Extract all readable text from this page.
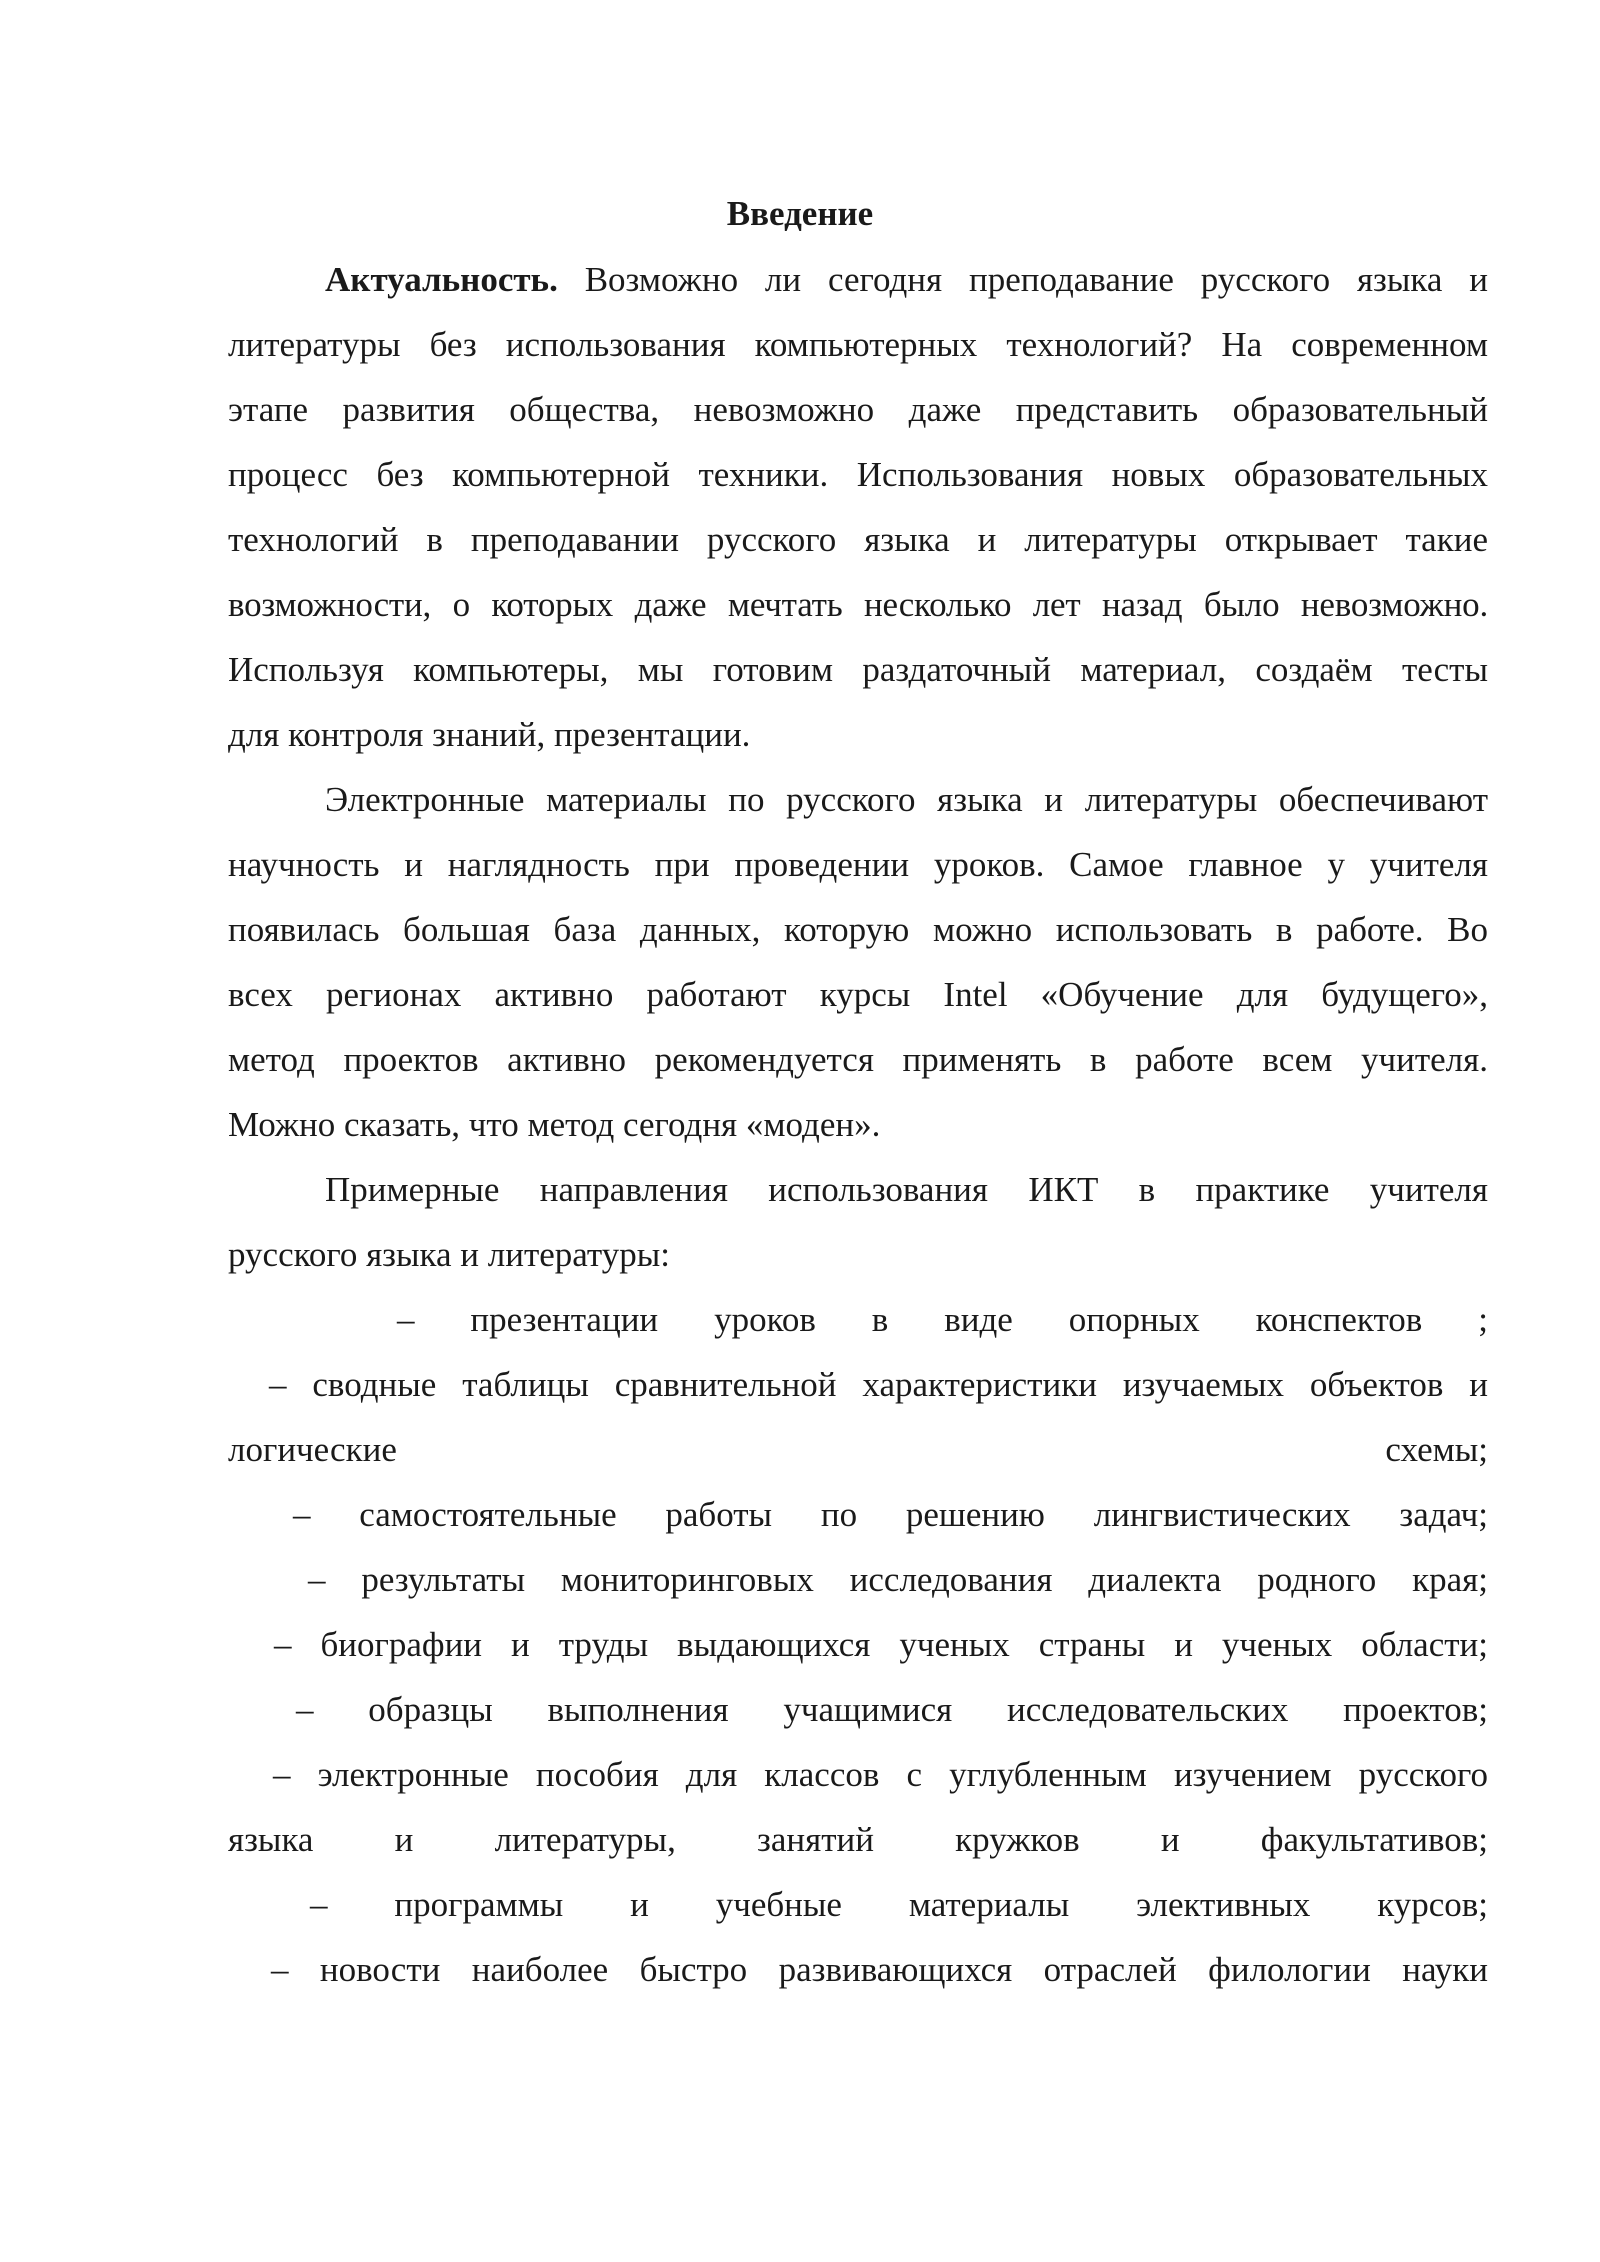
Введение
Актуальность. Возможно ли сегодня преподавание русского языка и
литературы без использования компьютерных технологий? На современном
этапе развития общества, невозможно даже представить образовательный
процесс без компьютерной техники. Использования новых образовательных
технологий в преподавании русского языка и литературы открывает такие
возможности, о которых даже мечтать несколько лет назад было невозможно.
Используя компьютеры, мы готовим раздаточный материал, создаём тесты
для контроля знаний, презентации.
Электронные материалы по русского языка и литературы обеспечивают
научность и наглядность при проведении уроков. Самое главное у учителя
появилась большая база данных, которую можно использовать в работе. Во
всех регионах активно работают курсы Intel «Обучение для будущего»,
метод проектов активно рекомендуется применять в работе всем учителя.
Можно сказать, что метод сегодня «моден».
Примерные направления использования ИКТ в практике учителя
русского языка и литературы:
– презентации уроков в виде опорных конспектов ;
– сводные таблицы сравнительной характеристики изучаемых объектов и
логические схемы;
– самостоятельные работы по решению лингвистических задач;
– результаты мониторинговых исследования диалекта родного края;
– биографии и труды выдающихся ученых страны и ученых области;
– образцы выполнения учащимися исследовательских проектов;
– электронные пособия для классов с углубленным изучением русского
языка и литературы, занятий кружков и факультативов;
– программы и учебные материалы элективных курсов;
– новости наиболее быстро развивающихся отраслей филологии науки
